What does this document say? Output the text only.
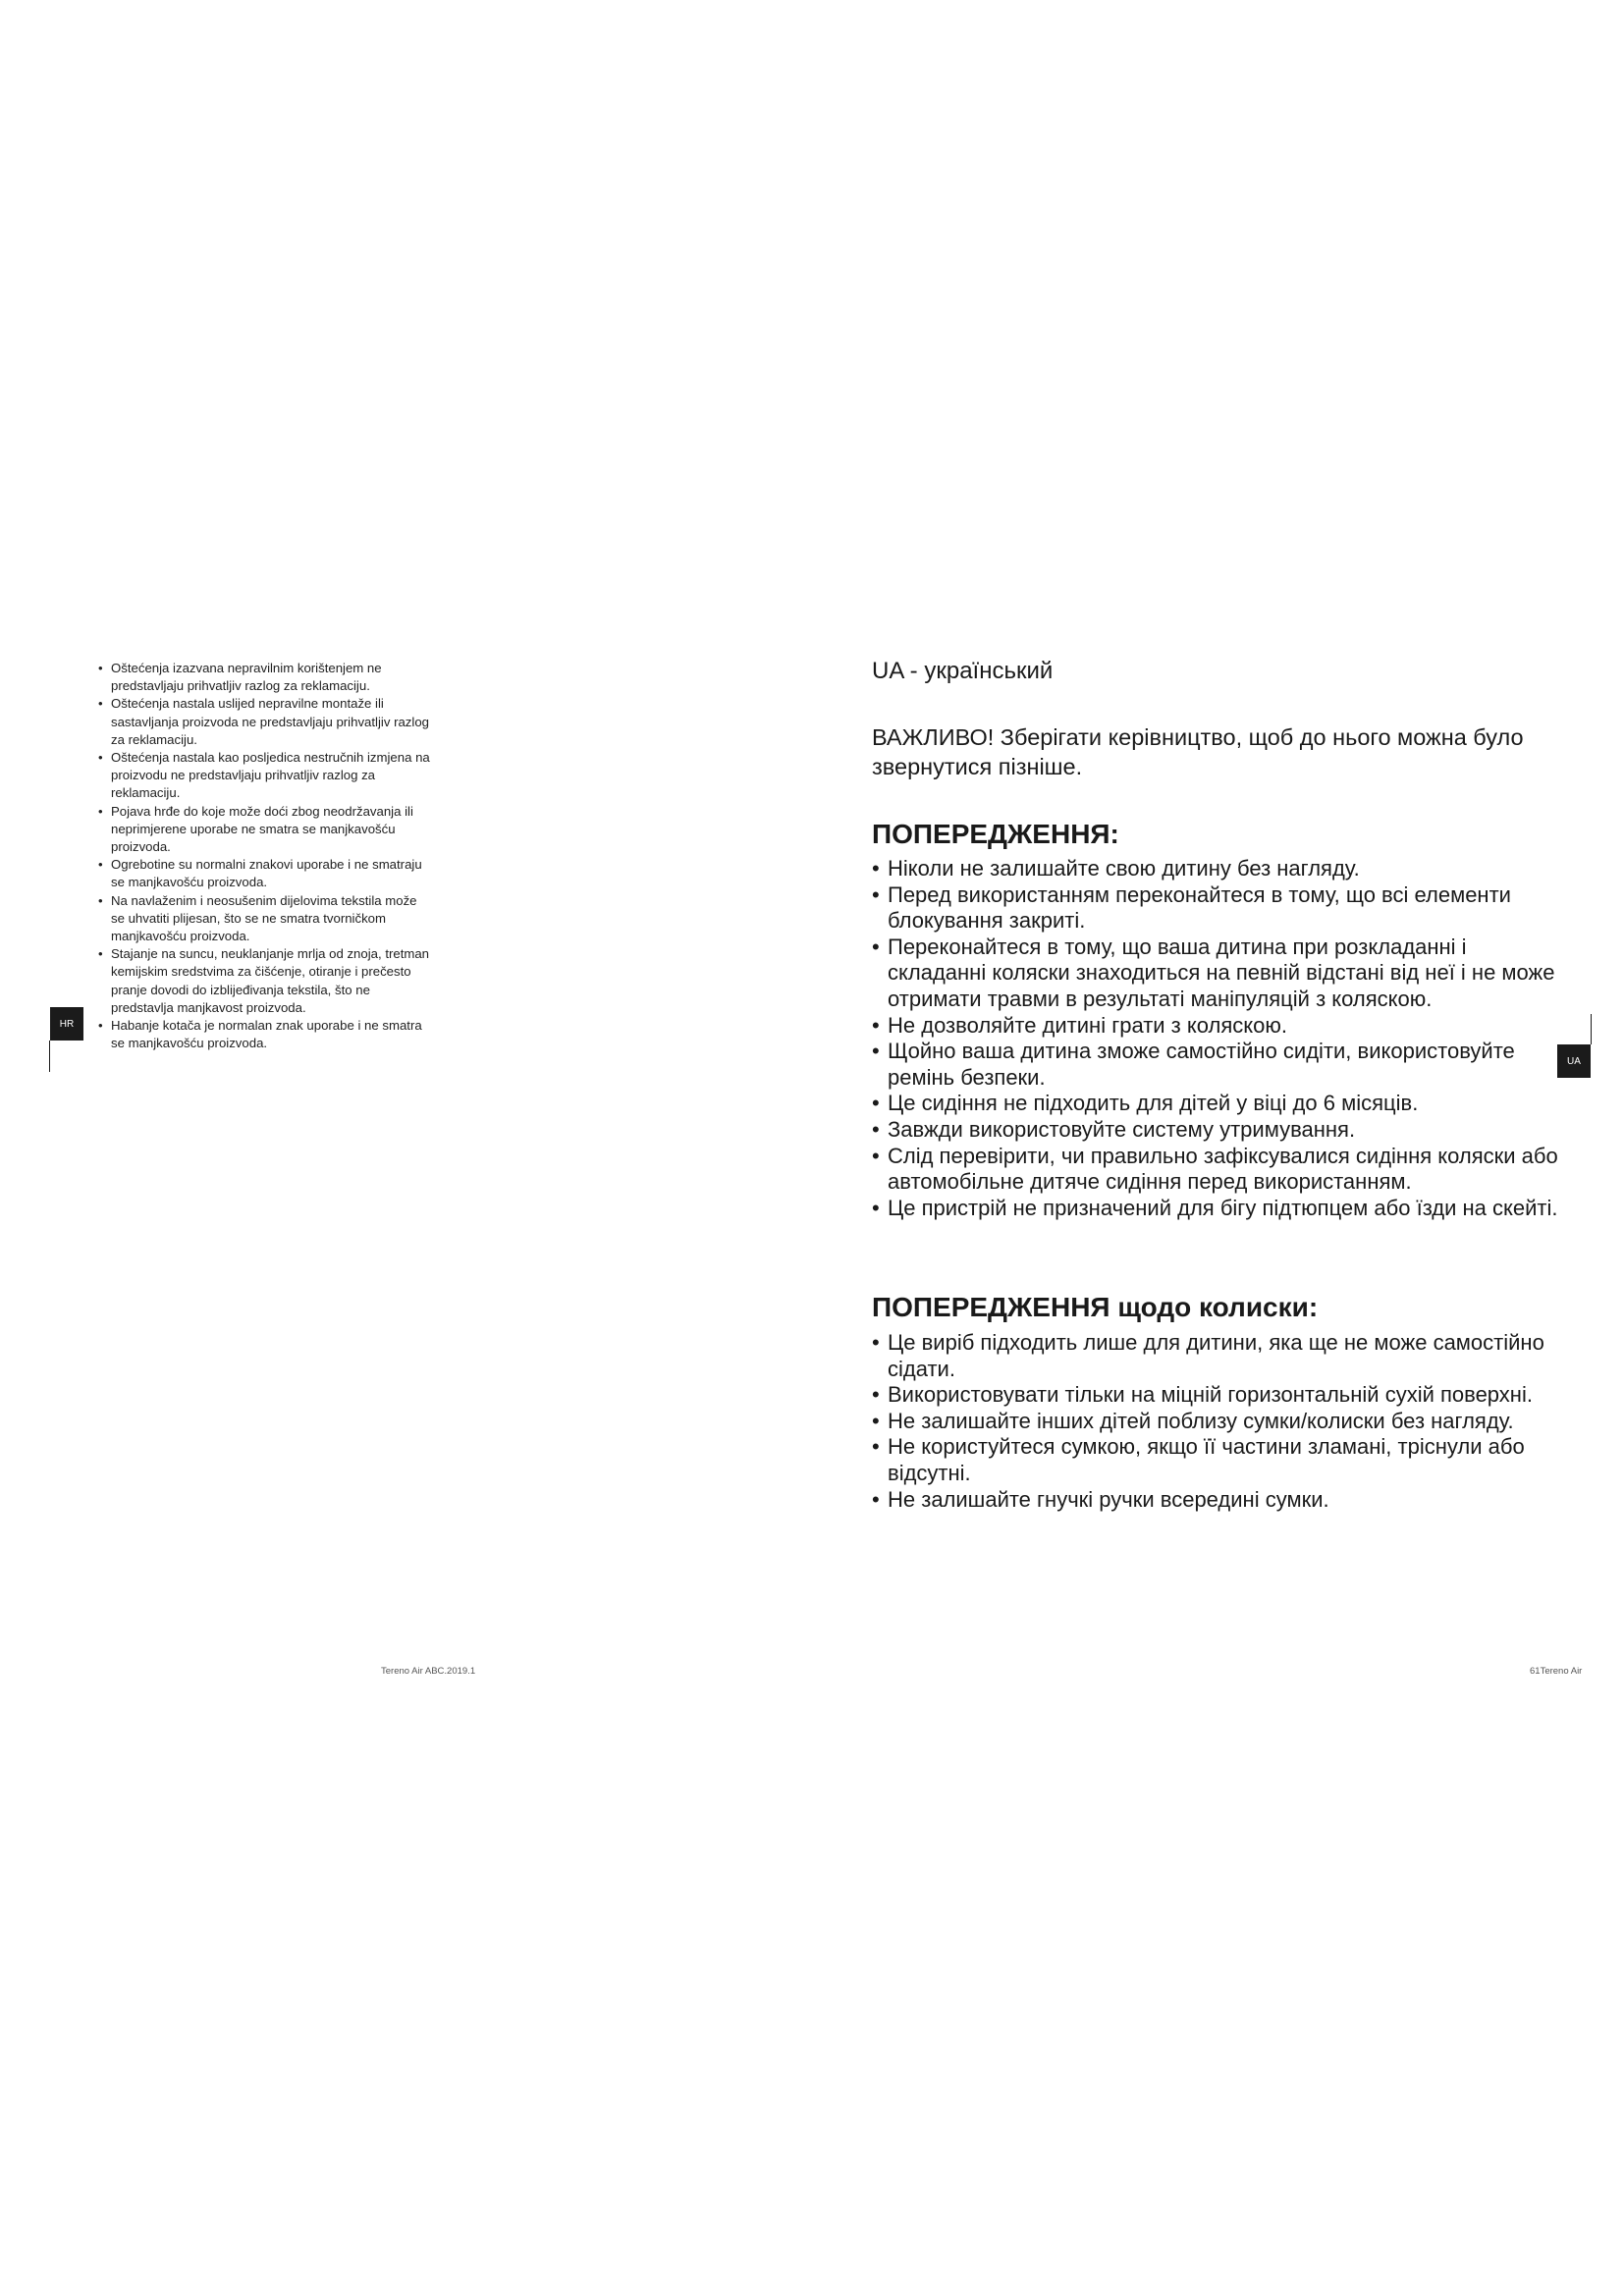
• Oštećenja izazvana nepravilnim korištenjem ne predstavljaju prihvatljiv razlog za reklamaciju.
• Oštećenja nastala uslijed nepravilne montaže ili sastavljanja proizvoda ne predstavljaju prihvatljiv razlog za reklamaciju.
• Oštećenja nastala kao posljedica nestručnih izmjena na proizvodu ne predstavljaju prihvatljiv razlog za reklamaciju.
• Pojava hrđe do koje može doći zbog neodržavanja ili neprimjerene uporabe ne smatra se manjkavošću proizvoda.
• Ogrebotine su normalni znakovi uporabe i ne smatraju se manjkavošću proizvoda.
• Na navlaženim i neosušenim dijelovima tekstila može se uhvatiti plijesan, što se ne smatra tvorničkom manjkavošću proizvoda.
• Stajanje na suncu, neuklanjanje mrlja od znoja, tretman kemijskim sredstvima za čišćenje, otiranje i prečesto pranje dovodi do izblijeđivanja tekstila, što ne predstavlja manjkavost proizvoda.
• Habanje kotača je normalan znak uporabe i ne smatra se manjkavošću proizvoda.
HR
Tereno Air ABC.2019.1
UA - український

ВАЖЛИВО! Зберігати керівництво, щоб до нього можна було звернутися пізніше.

ПОПЕРЕДЖЕННЯ:
• Ніколи не залишайте свою дитину без нагляду.
• Перед використанням переконайтеся в тому, що всі елементи блокування закриті.
• Переконайтеся в тому, що ваша дитина при розкладанні і складанні коляски знаходиться на певній відстані від неї і не може отримати травми в результаті маніпуляцій з коляскою.
• Не дозволяйте дитині грати з коляскою.
• Щойно ваша дитина зможе самостійно сидіти, використовуйте ремінь безпеки.
• Це сидіння не підходить для дітей у віці до 6 місяців.
• Завжди використовуйте систему утримування.
• Слід перевірити, чи правильно зафіксувалися сидіння коляски або автомобільне дитяче сидіння перед використанням.
• Це пристрій не призначений для бігу підтюпцем або їзди на скейті.
ПОПЕРЕДЖЕННЯ щодо колиски:
• Це виріб підходить лише для дитини, яка ще не може самостійно сідати.
• Використовувати тільки на міцній горизонтальній сухій поверхні.
• Не залишайте інших дітей поблизу сумки/колиски без нагляду.
• Не користуйтеся сумкою, якщо її частини зламані, тріснули або відсутні.
• Не залишайте гнучкі ручки всередині сумки.
UA
61Tereno Air
